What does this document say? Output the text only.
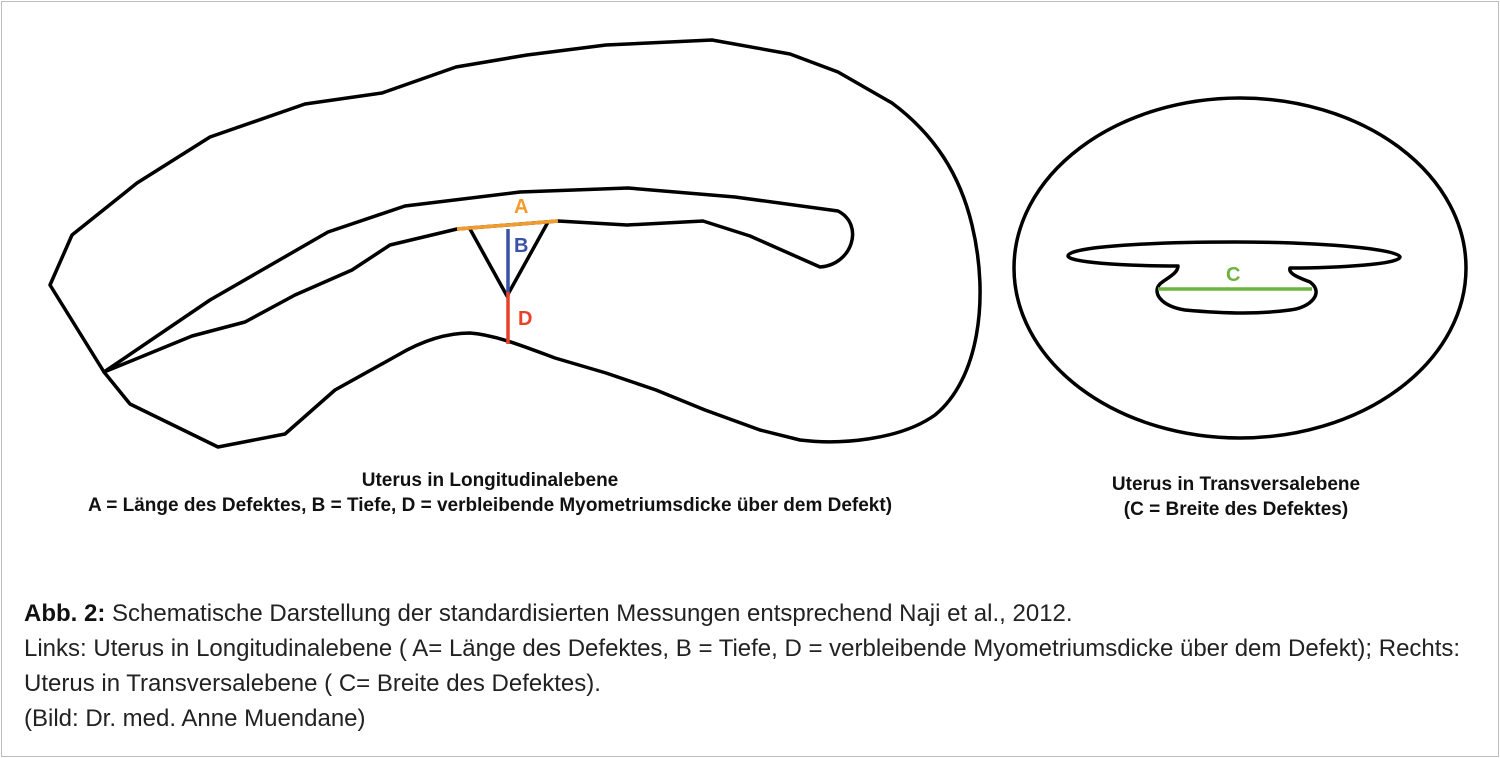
A
B
D
C
Uterus in Longitudinalebene
A = Länge des Defektes, B = Tiefe, D = verbleibende Myometriumsdicke über dem Defekt)
Uterus in Transversalebene
(C = Breite des Defektes)
Abb. 2: Schematische Darstellung der standardisierten Messungen entsprechend Naji et al., 2012.
Links: Uterus in Longitudinalebene ( A= Länge des Defektes, B = Tiefe, D = verbleibende Myometriumsdicke über dem Defekt); Rechts: Uterus in Transversalebene ( C= Breite des Defektes).
(Bild: Dr. med. Anne Muendane)
